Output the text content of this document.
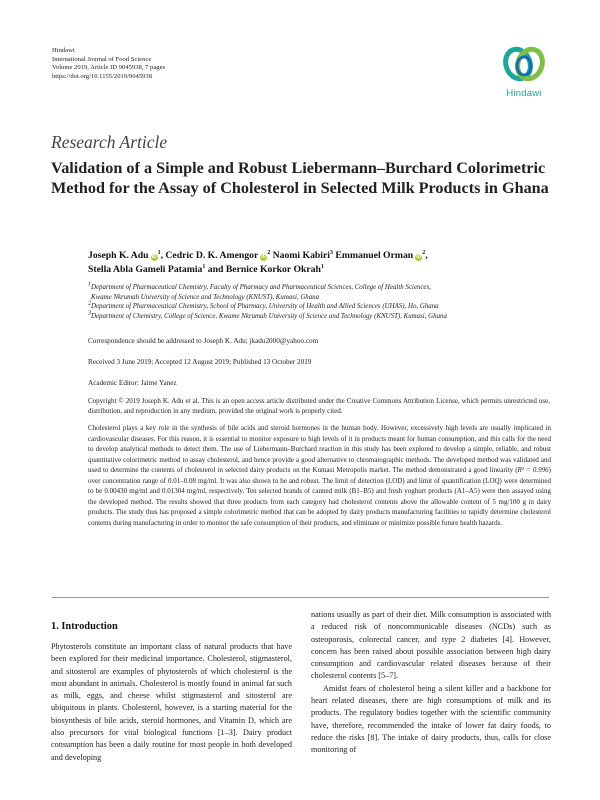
Hindawi
International Journal of Food Science
Volume 2019, Article ID 9045938, 7 pages
https://doi.org/10.1155/2019/9045938
Hindawi
Research Article
Validation of a Simple and Robust Liebermann–Burchard Colorimetric Method for the Assay of Cholesterol in Selected Milk Products in Ghana
Joseph K. Adu $iD^1$, Cedric D. K. Amengor $iD^2$ Naomi Kabiri$^3$ Emmanuel Orman $iD^2$,
Stella Abla Gameli Patamia$^1$ and Bernice Korkor Okrah$^1$
$^1$Department of Pharmaceutical Chemistry, Faculty of Pharmacy and Pharmaceutical Sciences, College of Health Sciences,
Kwame Nkrumah University of Science and Technology (KNUST), Kumasi, Ghana
$^2$Department of Pharmaceutical Chemistry, School of Pharmacy, University of Health and Allied Sciences (UHAS), Ho, Ghana
$^3$Department of Chemistry, College of Science, Kwame Nkrumah University of Science and Technology (KNUST), Kumasi, Ghana
Correspondence should be addressed to Joseph K. Adu; jkadu2000@yahoo.com
Received 3 June 2019; Accepted 12 August 2019; Published 13 October 2019
Academic Editor: Jaime Yanez
Copyright © 2019 Joseph K. Adu et al. This is an open access article distributed under the Creative Commons Attribution License, which permits unrestricted use, distribution, and reproduction in any medium, provided the original work is properly cited.
Cholesterol plays a key role in the synthesis of bile acids and steroid hormones in the human body. However, excessively high levels are usually implicated in cardiovascular diseases. For this reason, it is essential to monitor exposure to high levels of it in products meant for human consumption, and this calls for the need to develop analytical methods to detect them. The use of Liebermann–Burchard reaction in this study has been explored to develop a simple, reliable, and robust quantitative colorimetric method to assay cholesterol, and hence provide a good alternative to chromatographic methods. The developed method was validated and used to determine the contents of cholesterol in selected dairy products on the Kumasi Metropolis market. The method demonstrated a good linearity (R² = 0.996) over concentration range of 0.01–0.08 mg/ml. It was also shown to be and robust. The limit of detection (LOD) and limit of quantification (LOQ) were determined to be 0.00430 mg/ml and 0.01304 mg/ml, respectively. Ten selected brands of canned milk (B1–B5) and fresh yoghurt products (A1–A5) were then assayed using the developed method. The results showed that three products from each category had cholesterol contents above the allowable content of 5 mg/100 g in dairy products. The study thus has proposed a simple colorimetric method that can be adopted by dairy products manufacturing facilities to rapidly determine cholesterol contents during manufacturing in order to monitor the safe consumption of their products, and eliminate or minimize possible future health hazards.
1. Introduction

Phytosterols constitute an important class of natural products that have been explored for their medicinal importance. Cholesterol, stigmasterol, and sitosterol are examples of phytosterols of which cholesterol is the most abundant in animals. Cholesterol is mostly found in animal fat such as milk, eggs, and cheese whilst stigmasterol and sitosterol are ubiquitous in plants. Cholesterol, however, is a starting material for the biosynthesis of bile acids, steroid hormones, and Vitamin D, which are also precursors for vital biological functions [1–3]. Dairy product consumption has been a daily routine for most people in both developed and developing

nations usually as part of their diet. Milk consumption is associated with a reduced risk of noncommunicable diseases (NCDs) such as osteoporosis, colorectal cancer, and type 2 diabetes [4]. However, concern has been raised about possible association between high dairy consumption and cardiovascular related diseases because of their cholesterol contents [5–7].

Amidst fears of cholesterol being a silent killer and a backbone for heart related diseases, there are high consumptions of milk and its products. The regulatory bodies together with the scientific community have, therefore, recommended the intake of lower fat dairy foods, to reduce the risks [8]. The intake of dairy products, thus, calls for close monitoring of
